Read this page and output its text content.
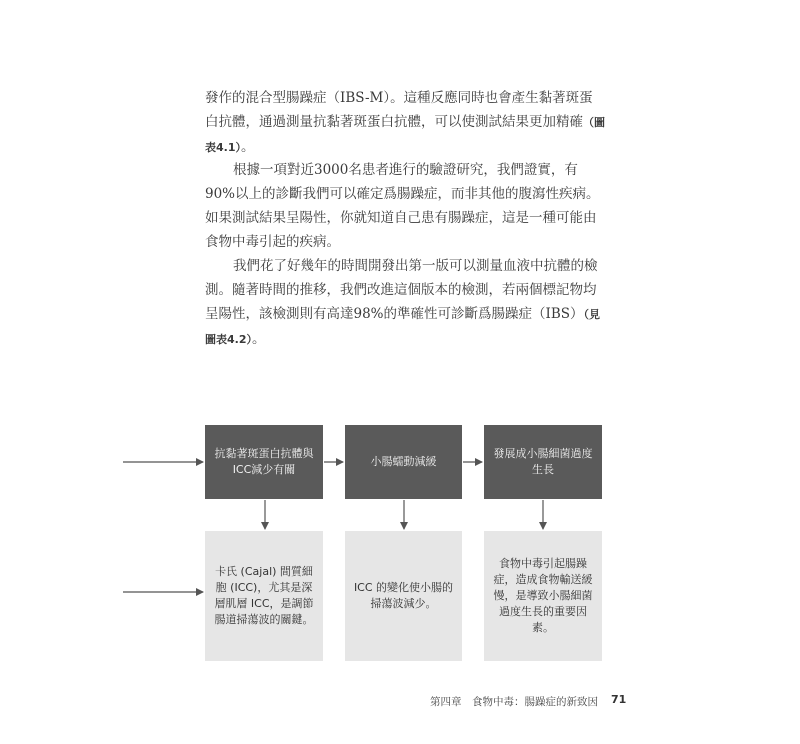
發作的混合型腸躁症（IBS-M）。這種反應同時也會產生黏著斑蛋白抗體，通過測量抗黏著斑蛋白抗體，可以使測試結果更加精確（圖表4.1）。

根據一項對近3000名患者進行的驗證研究，我們證實，有90%以上的診斷我們可以確定爲腸躁症，而非其他的腹瀉性疾病。如果測試結果呈陽性，你就知道自己患有腸躁症，這是一種可能由食物中毒引起的疾病。

我們花了好幾年的時間開發出第一版可以測量血液中抗體的檢測。隨著時間的推移，我們改進這個版本的檢測，若兩個標記物均呈陽性，該檢測則有高達98%的準確性可診斷爲腸躁症（IBS）（見圖表4.2）。

抗黏著斑蛋白抗體與ICC減少有關
小腸蠕動減緩
發展成小腸細菌過度生長
卡氏 (Cajal) 間質細胞 (ICC)，尤其是深層肌層 ICC，是調節腸道掃蕩波的關鍵。
ICC 的變化使小腸的掃蕩波減少。
食物中毒引起腸躁症，造成食物輸送緩慢，是導致小腸細菌過度生長的重要因素。
第四章　食物中毒：腸躁症的新致因 71
